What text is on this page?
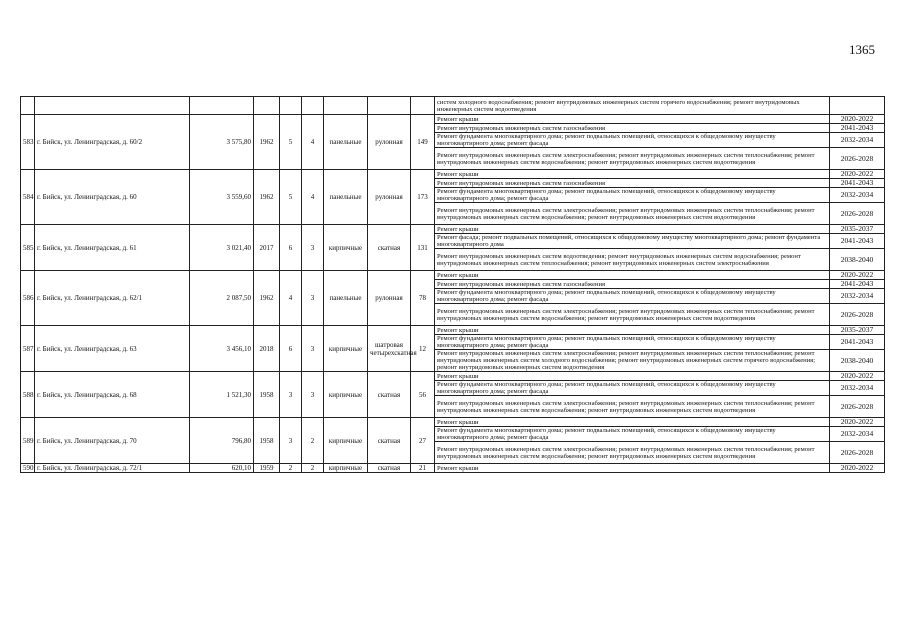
1365
									систем холодного водоснабжения; ремонт внутридомовых инженерных систем горячего водоснабжения; ремонт внутридомовых инженерных систем водоотведения	
583	г. Бийск, ул. Ленинградская, д. 60/2	3 575,80	1962	5	4	панельные	рулонная	149	Ремонт крыши	2020-2022
									Ремонт внутридомовых инженерных систем газоснабжения	2041-2043
									Ремонт фундамента многоквартирного дома; ремонт подвальных помещений, относящихся к общедомовому имуществу многоквартирного дома; ремонт фасада	2032-2034
									Ремонт внутридомовых инженерных систем электроснабжения; ремонт внутридомовых инженерных систем теплоснабжения; ремонт внутридомовых инженерных систем водоснабжения; ремонт внутридомовых инженерных систем водоотведения	2026-2028
584	г. Бийск, ул. Ленинградская, д. 60	3 559,60	1962	5	4	панельные	рулонная	173	Ремонт крыши	2020-2022
									Ремонт внутридомовых инженерных систем газоснабжения	2041-2043
									Ремонт фундамента многоквартирного дома; ремонт подвальных помещений, относящихся к общедомовому имуществу многоквартирного дома; ремонт фасада	2032-2034
									Ремонт внутридомовых инженерных систем электроснабжения; ремонт внутридомовых инженерных систем теплоснабжения; ремонт внутридомовых инженерных систем водоснабжения; ремонт внутридомовых инженерных систем водоотведения	2026-2028
585	г. Бийск, ул. Ленинградская, д. 61	3 021,40	2017	6	3	кирпичные	скатная	131	Ремонт крыши	2035-2037
									Ремонт фасада; ремонт подвальных помещений, относящихся к общедомовому имуществу многоквартирного дома; ремонт фундамента многоквартирного дома	2041-2043
									Ремонт внутридомовых инженерных систем водоотведения; ремонт внутридомовых инженерных систем водоснабжения; ремонт внутридомовых инженерных систем теплоснабжения; ремонт внутридомовых инженерных систем электроснабжения	2038-2040
586	г. Бийск, ул. Ленинградская, д. 62/1	2 087,50	1962	4	3	панельные	рулонная	78	Ремонт крыши	2020-2022
									Ремонт внутридомовых инженерных систем газоснабжения	2041-2043
									Ремонт фундамента многоквартирного дома; ремонт подвальных помещений, относящихся к общедомовому имуществу многоквартирного дома; ремонт фасада	2032-2034
									Ремонт внутридомовых инженерных систем электроснабжения; ремонт внутридомовых инженерных систем теплоснабжения; ремонт внутридомовых инженерных систем водоснабжения; ремонт внутридомовых инженерных систем водоотведения	2026-2028
587	г. Бийск, ул. Ленинградская, д. 63	3 456,10	2018	6	3	кирпичные	шатровая четырехскатная	12	Ремонт крыши	2035-2037
									Ремонт фундамента многоквартирного дома; ремонт подвальных помещений, относящихся к общедомовому имуществу многоквартирного дома; ремонт фасада	2041-2043
									Ремонт внутридомовых инженерных систем электроснабжения; ремонт внутридомовых инженерных систем теплоснабжения; ремонт внутридомовых инженерных систем холодного водоснабжения; ремонт внутридомовых инженерных систем горячего водоснабжения; ремонт внутридомовых инженерных систем водоотведения	2038-2040
588	г. Бийск, ул. Ленинградская, д. 68	1 521,30	1958	3	3	кирпичные	скатная	56	Ремонт крыши	2020-2022
									Ремонт фундамента многоквартирного дома; ремонт подвальных помещений, относящихся к общедомовому имуществу многоквартирного дома; ремонт фасада	2032-2034
									Ремонт внутридомовых инженерных систем электроснабжения; ремонт внутридомовых инженерных систем теплоснабжения; ремонт внутридомовых инженерных систем водоснабжения; ремонт внутридомовых инженерных систем водоотведения	2026-2028
589	г. Бийск, ул. Ленинградская, д. 70	796,80	1958	3	2	кирпичные	скатная	27	Ремонт крыши	2020-2022
									Ремонт фундамента многоквартирного дома; ремонт подвальных помещений, относящихся к общедомовому имуществу многоквартирного дома; ремонт фасада	2032-2034
									Ремонт внутридомовых инженерных систем электроснабжения; ремонт внутридомовых инженерных систем теплоснабжения; ремонт внутридомовых инженерных систем водоснабжения; ремонт внутридомовых инженерных систем водоотведения	2026-2028
590	г. Бийск, ул. Ленинградская, д. 72/1	620,10	1959	2	2	кирпичные	скатная	21	Ремонт крыши	2020-2022
